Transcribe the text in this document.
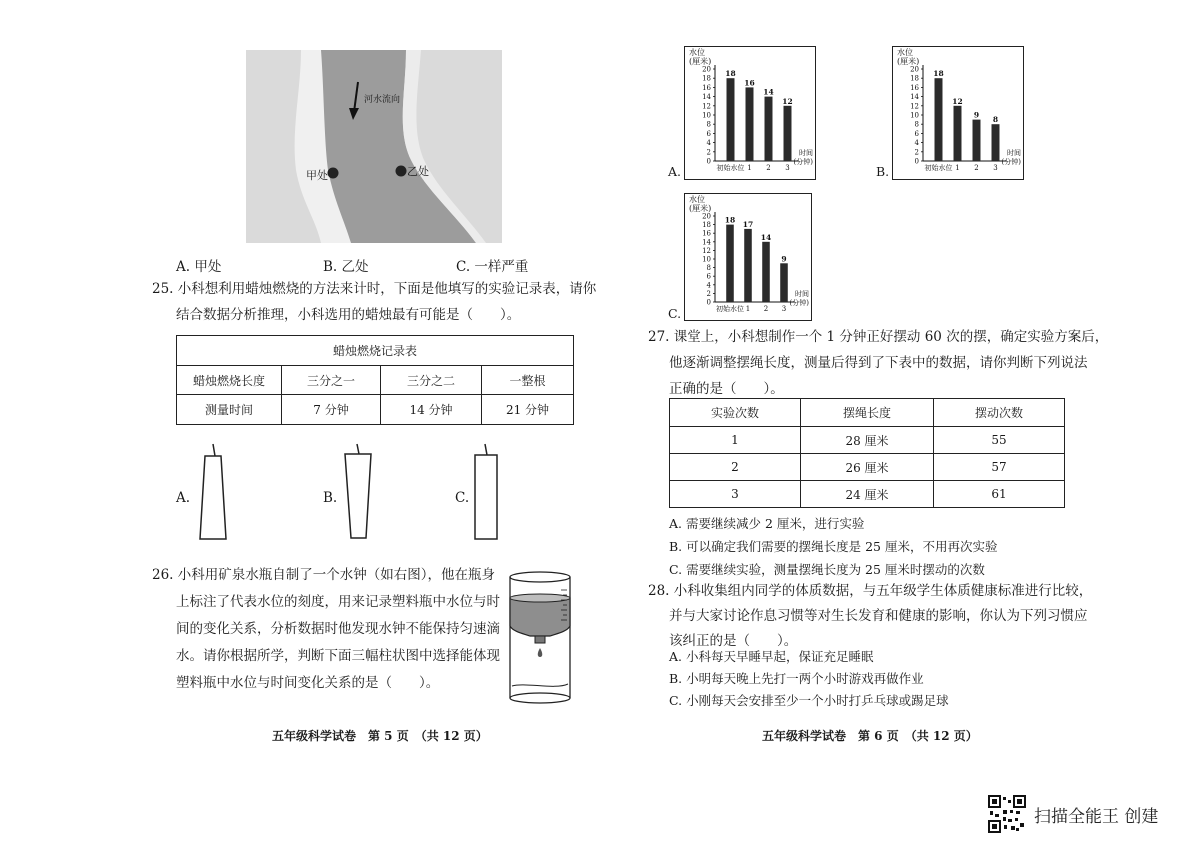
河水流向
甲处	乙处
A. 甲处	B. 乙处	C. 一样严重
25. 小科想利用蜡烛燃烧的方法来计时，下面是他填写的实验记录表，请你
结合数据分析推理，小科选用的蜡烛最有可能是（　　）。
蜡烛燃烧记录表			
蜡烛燃烧长度	三分之一	三分之二	一整根
测量时间	7 分钟	14 分钟	21 分钟
A.	B.	C.
26. 小科用矿泉水瓶自制了一个水钟（如右图），他在瓶身
上标注了代表水位的刻度，用来记录塑料瓶中水位与时
间的变化关系，分析数据时他发现水钟不能保持匀速滴
水。请你根据所学，判断下面三幅柱状图中选择能体现
塑料瓶中水位与时间变化关系的是（　　）。
五年级科学试卷　第 5 页　（共 12 页）
A.
水位
(厘米)
0
2
4
6
8
10
12
14
16
18
20 18
初始水位
16
1
14
2
12
3
时间
(分钟)
B.
水位
(厘米)
0
2
4
6
8
10
12
14
16
18
20 18
初始水位
12
1
9
2
8
3
时间
(分钟)
C.
水位
(厘米)
0
2
4
6
8
10
12
14
16
18
20 18
初始水位
17
1
14
2
9
3
时间
(分钟)
27. 课堂上，小科想制作一个 1 分钟正好摆动 60 次的摆，确定实验方案后，
他逐渐调整摆绳长度，测量后得到了下表中的数据，请你判断下列说法
正确的是（　　）。
实验次数	摆绳长度	摆动次数
1	28 厘米	55
2	26 厘米	57
3	24 厘米	61
A. 需要继续减少 2 厘米，进行实验
B. 可以确定我们需要的摆绳长度是 25 厘米，不用再次实验
C. 需要继续实验，测量摆绳长度为 25 厘米时摆动的次数
28. 小科收集组内同学的体质数据，与五年级学生体质健康标准进行比较，
并与大家讨论作息习惯等对生长发育和健康的影响，你认为下列习惯应
该纠正的是（　　）。
A. 小科每天早睡早起，保证充足睡眠
B. 小明每天晚上先打一两个小时游戏再做作业
C. 小刚每天会安排至少一个小时打乒乓球或踢足球
五年级科学试卷　第 6 页　（共 12 页）
扫描全能王 创建
